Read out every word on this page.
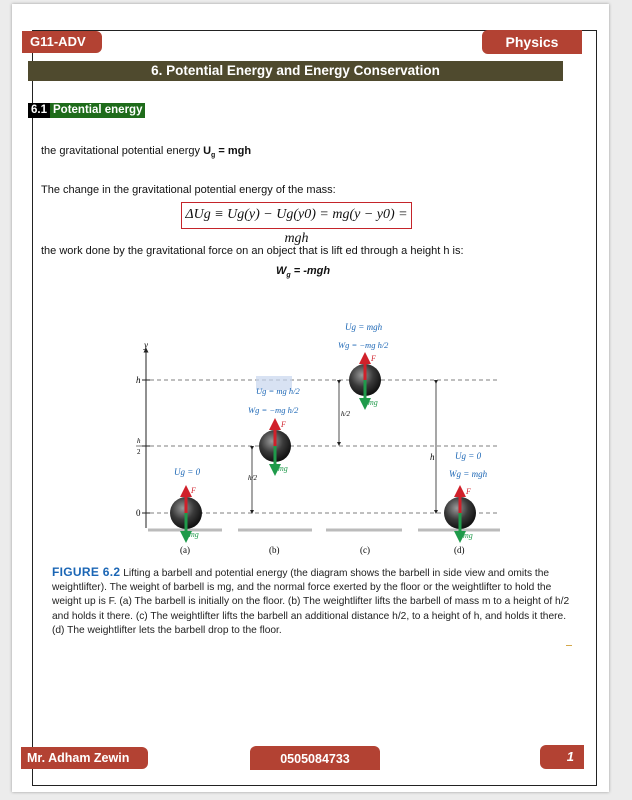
G11-ADV	Physics
6. Potential Energy and Energy Conservation
6.1 Potential energy
the gravitational potential energy $U_g$ = mgh
The change in the gravitational potential energy of the mass:
ΔUg ≡ Ug(y) − Ug(y0) = mg(y − y0) = mgh
the work done by the gravitational force on an object that is lift ed through a height h is:
$W_g = -mgh$
y
h
h
2
0
h/2
h/2
h
Ug = 0
F
mg
(a)
Ug = mg h/2
Wg = −mg h/2
F
mg
(b)
Ug = mgh
Wg = −mg h/2
F
mg
(c)
Ug = 0
Wg = mgh
F
mg
(d)
FIGURE 6.2 Lifting a barbell and potential energy (the diagram shows the barbell in side view and omits the weightlifter). The weight of barbell is mg, and the normal force exerted by the floor or the weightlifter to hold the weight up is F. (a) The barbell is initially on the floor. (b) The weightlifter lifts the barbell of mass m to a height of h/2 and holds it there. (c) The weightlifter lifts the barbell an additional distance h/2, to a height of h, and holds it there. (d) The weightlifter lets the barbell drop to the floor.
Mr. Adham Zewin	0505084733	1
